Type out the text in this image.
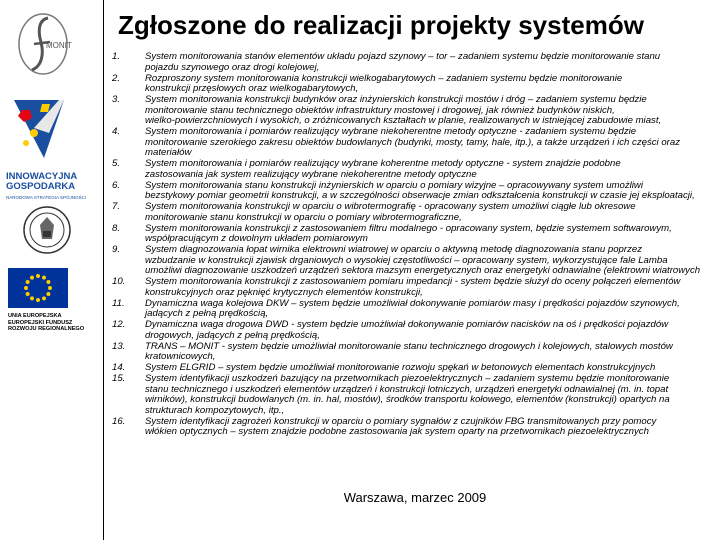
MONIT
INNOWACYJNA
GOSPODARKA
NARODOWA STRATEGIA SPÓJNOŚCI
UNIA EUROPEJSKA
EUROPEJSKI FUNDUSZ
ROZWOJU REGIONALNEGO
Zgłoszone do realizacji projekty systemów
1.	System monitorowania stanów elementów układu pojazd szynowy – tor – zadaniem systemu będzie monitorowanie stanu
pojazdu szynowego oraz drogi kolejowej,
2.	Rozproszony system monitorowania konstrukcji wielkogabarytowych – zadaniem systemu będzie monitorowanie
konstrukcji przęsłowych oraz wielkogabarytowych,
3.	System monitorowania konstrukcji budynków oraz inżynierskich konstrukcji mostów i dróg – zadaniem systemu będzie
monitorowanie stanu technicznego obiektów infrastruktury mostowej i drogowej, jak również budynków niskich,
wielko-powierzchniowych i wysokich, o zróżnicowanych kształtach w planie, realizowanych w istniejącej zabudowie miast,
4.	System monitorowania i pomiarów realizujący wybrane niekoherentne metody optyczne - zadaniem systemu będzie
monitorowanie szerokiego zakresu obiektów budowlanych (budynki, mosty, tamy, hale, itp.), a także urządzeń i ich części oraz
materiałów
5.	System monitorowania i pomiarów realizujący wybrane koherentne metody optyczne - system znajdzie podobne
zastosowania jak system realizujący wybrane niekoherentne metody optyczne
6.	System monitorowania stanu konstrukcji inżynierskich w oparciu o pomiary wizyjne – opracowywany system umożliwi
bezstykowy pomiar geometrii konstrukcji, a w szczególności obserwacje zmian odkształcenia konstrukcji w czasie jej eksploatacji,
7.	System monitorowania konstrukcji w oparciu o wibrotermografię - opracowany system umożliwi ciągłe lub okresowe
monitorowanie stanu konstrukcji w oparciu o pomiary wibrotermograficzne,
8.	System monitorowania konstrukcji z zastosowaniem filtru modalnego - opracowany system, będzie systemem softwarowym,
współpracującym z dowolnym układem pomiarowym
9.	System diagnozowania łopat wirnika elektrowni wiatrowej w oparciu o aktywną metodę diagnozowania stanu poprzez
wzbudzanie w konstrukcji zjawisk drganiowych o wysokiej częstotliwości – opracowany system, wykorzystujące fale Lamba
umożliwi diagnozowanie uszkodzeń urządzeń sektora mazsym energetycznych oraz energetyki odnawialne (elektrowni wiatrowych
10.	System monitorowania konstrukcji z zastosowaniem pomiaru impedancji - system będzie służył do oceny połączeń elementów
konstrukcyjnych oraz pęknięć krytycznych elementów konstrukcji,
11.	Dynamiczna waga kolejowa DKW – system będzie umożliwiał dokonywanie pomiarów masy i prędkości pojazdów szynowych,
jadących z pełną prędkością,
12.	Dynamiczna waga drogowa DWD - system będzie umożliwiał dokonywanie pomiarów nacisków na oś i prędkości pojazdów
drogowych, jadących z pełną prędkością,
13.	TRANS – MONIT - system będzie umożliwiał monitorowanie stanu technicznego drogowych i kolejowych, stalowych mostów
kratownicowych,
14.	System ELGRID – system będzie umożliwiał monitorowanie rozwoju spękań w betonowych elementach konstrukcyjnych
15.	System identyfikacji uszkodzeń bazujący na przetwornikach piezoelektrycznych – zadaniem systemu będzie monitorowanie
stanu technicznego i uszkodzeń elementów urządzeń i konstrukcji lotniczych, urządzeń energetyki odnawialnej (m. in. topat
wirników), konstrukcji budowlanych (m. in. hal, mostów), środków transportu kołowego, elementów (konstrukcji) opartych na
strukturach kompozytowych, itp.,
16.	System identyfikacji zagrożeń konstrukcji w oparciu o pomiary sygnałów z czujników FBG transmitowanych przy pomocy
włókien optycznych – system znajdzie podobne zastosowania jak system oparty na przetwornikach piezoelektrycznych
Warszawa, marzec 2009
